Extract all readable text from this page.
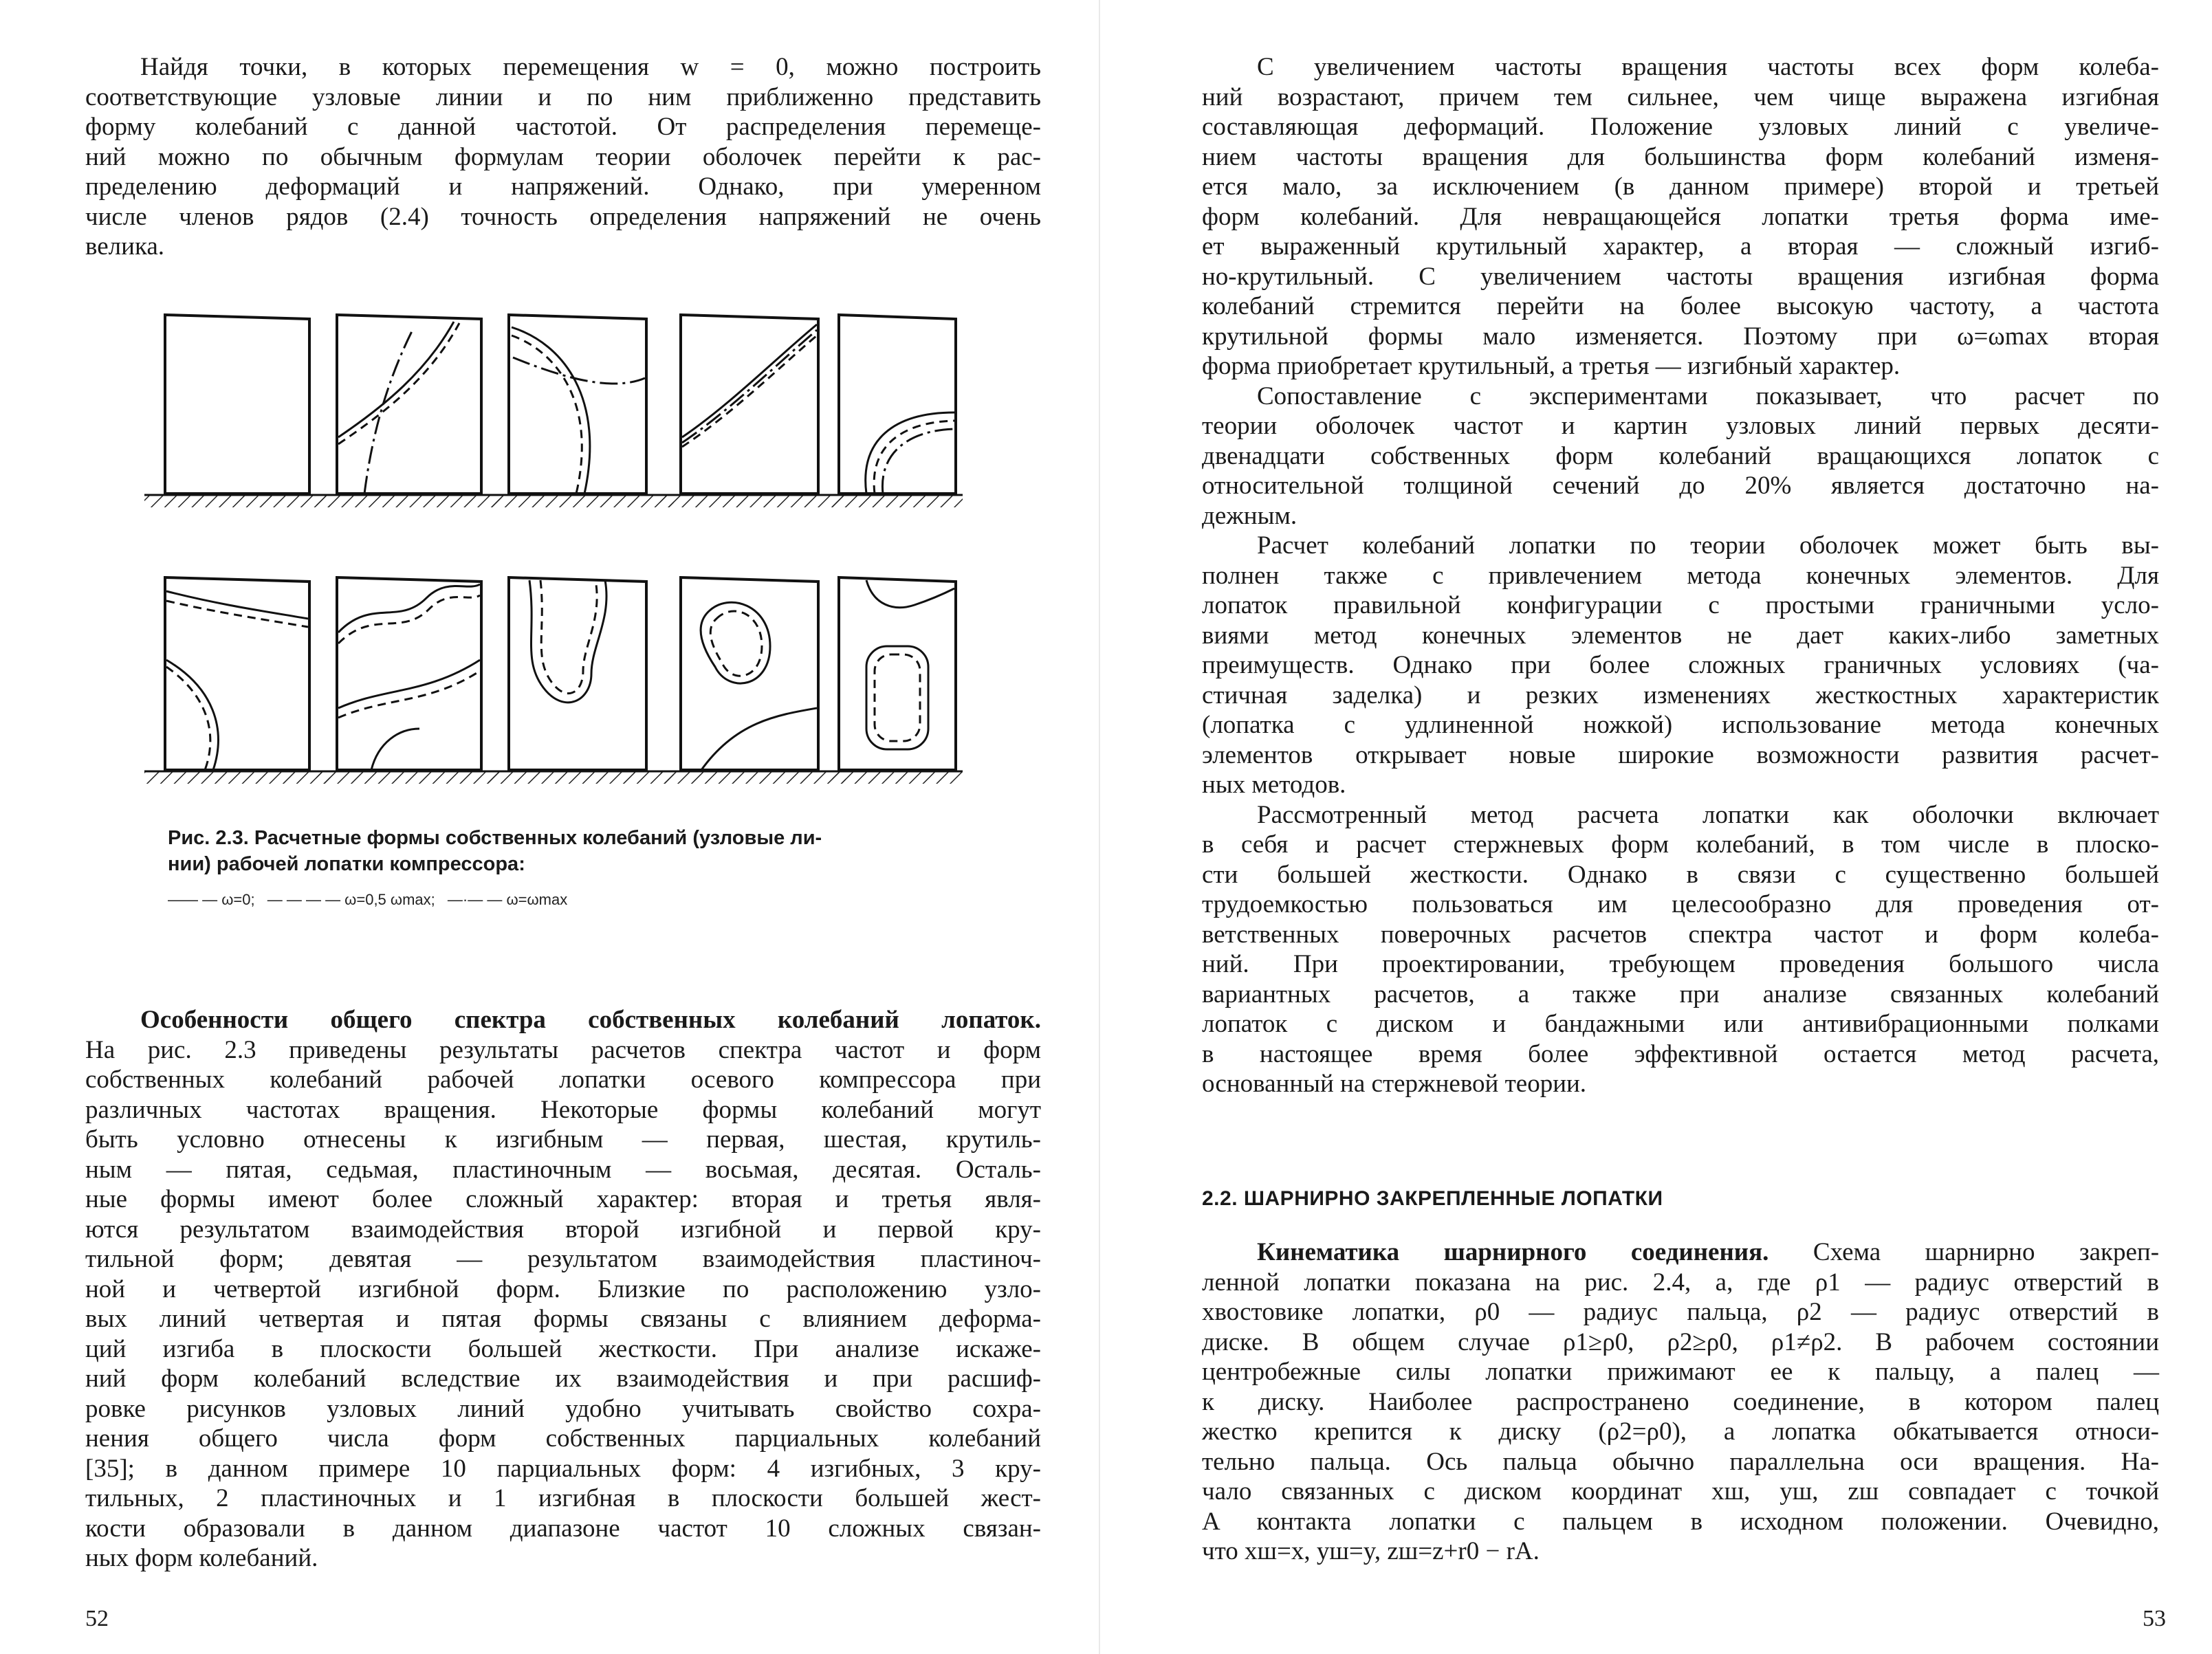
Найдя точки, в которых перемещения w = 0, можно построить
соответствующие узловые линии и по ним приближенно представить
форму колебаний с данной частотой. От распределения перемеще-
ний можно по обычным формулам теории оболочек перейти к рас-
пределению деформаций и напряжений. Однако, при умеренном
числе членов рядов (2.4) точность определения напряжений не очень
велика.

Рис. 2.3. Расчетные формы собственных колебаний (узловые ли-
нии) рабочей лопатки компрессора:
—— — ω=0; — — — — ω=0,5 ωmax; —·— — ω=ωmax

Особенности общего спектра собственных колебаний лопаток.

На рис. 2.3 приведены результаты расчетов спектра частот и форм
собственных колебаний рабочей лопатки осевого компрессора при
различных частотах вращения. Некоторые формы колебаний могут
быть условно отнесены к изгибным — первая, шестая, крутиль-
ным — пятая, седьмая, пластиночным — восьмая, десятая. Осталь-
ные формы имеют более сложный характер: вторая и третья явля-
ются результатом взаимодействия второй изгибной и первой кру-
тильной форм; девятая — результатом взаимодействия пластиноч-
ной и четвертой изгибной форм. Близкие по расположению узло-
вых линий четвертая и пятая формы связаны с влиянием деформа-
ций изгиба в плоскости большей жесткости. При анализе искаже-
ний форм колебаний вследствие их взаимодействия и при расшиф-
ровке рисунков узловых линий удобно учитывать свойство сохра-
нения общего числа форм собственных парциальных колебаний
[35]; в данном примере 10 парциальных форм: 4 изгибных, 3 кру-
тильных, 2 пластиночных и 1 изгибная в плоскости большей жест-
кости образовали в данном диапазоне частот 10 сложных связан-
ных форм колебаний.

52

С увеличением частоты вращения частоты всех форм колеба-
ний возрастают, причем тем сильнее, чем чище выражена изгибная
составляющая деформаций. Положение узловых линий с увеличе-
нием частоты вращения для большинства форм колебаний изменя-
ется мало, за исключением (в данном примере) второй и третьей
форм колебаний. Для невращающейся лопатки третья форма име-
ет выраженный крутильный характер, а вторая — сложный изгиб-
но-крутильный. С увеличением частоты вращения изгибная форма
колебаний стремится перейти на более высокую частоту, а частота
крутильной формы мало изменяется. Поэтому при ω=ωmax вторая
форма приобретает крутильный, а третья — изгибный характер.

Сопоставление с экспериментами показывает, что расчет по
теории оболочек частот и картин узловых линий первых десяти-
двенадцати собственных форм колебаний вращающихся лопаток с
относительной толщиной сечений до 20% является достаточно на-
дежным.

Расчет колебаний лопатки по теории оболочек может быть вы-
полнен также с привлечением метода конечных элементов. Для
лопаток правильной конфигурации с простыми граничными усло-
виями метод конечных элементов не дает каких-либо заметных
преимуществ. Однако при более сложных граничных условиях (ча-
стичная заделка) и резких изменениях жесткостных характеристик
(лопатка с удлиненной ножкой) использование метода конечных
элементов открывает новые широкие возможности развития расчет-
ных методов.

Рассмотренный метод расчета лопатки как оболочки включает
в себя и расчет стержневых форм колебаний, в том числе в плоско-
сти большей жесткости. Однако в связи с существенно большей
трудоемкостью пользоваться им целесообразно для проведения от-
ветственных поверочных расчетов спектра частот и форм колеба-
ний. При проектировании, требующем проведения большого числа
вариантных расчетов, а также при анализе связанных колебаний
лопаток с диском и бандажными или антивибрационными полками
в настоящее время более эффективной остается метод расчета,
основанный на стержневой теории.

2.2. ШАРНИРНО ЗАКРЕПЛЕННЫЕ ЛОПАТКИ

Кинематика шарнирного соединения. Схема шарнирно закреп-
ленной лопатки показана на рис. 2.4, а, где ρ1 — радиус отверстий в
хвостовике лопатки, ρ0 — радиус пальца, ρ2 — радиус отверстий в
диске. В общем случае ρ1≥ρ0, ρ2≥ρ0, ρ1≠ρ2. В рабочем состоянии
центробежные силы лопатки прижимают ее к пальцу, а палец —
к диску. Наиболее распространено соединение, в котором палец
жестко крепится к диску (ρ2=ρ0), а лопатка обкатывается относи-
тельно пальца. Ось пальца обычно параллельна оси вращения. На-
чало связанных с диском координат xш, yш, zш совпадает с точкой
A контакта лопатки с пальцем в исходном положении. Очевидно,
что xш=x, yш=y, zш=z+r0 − rA.

53
